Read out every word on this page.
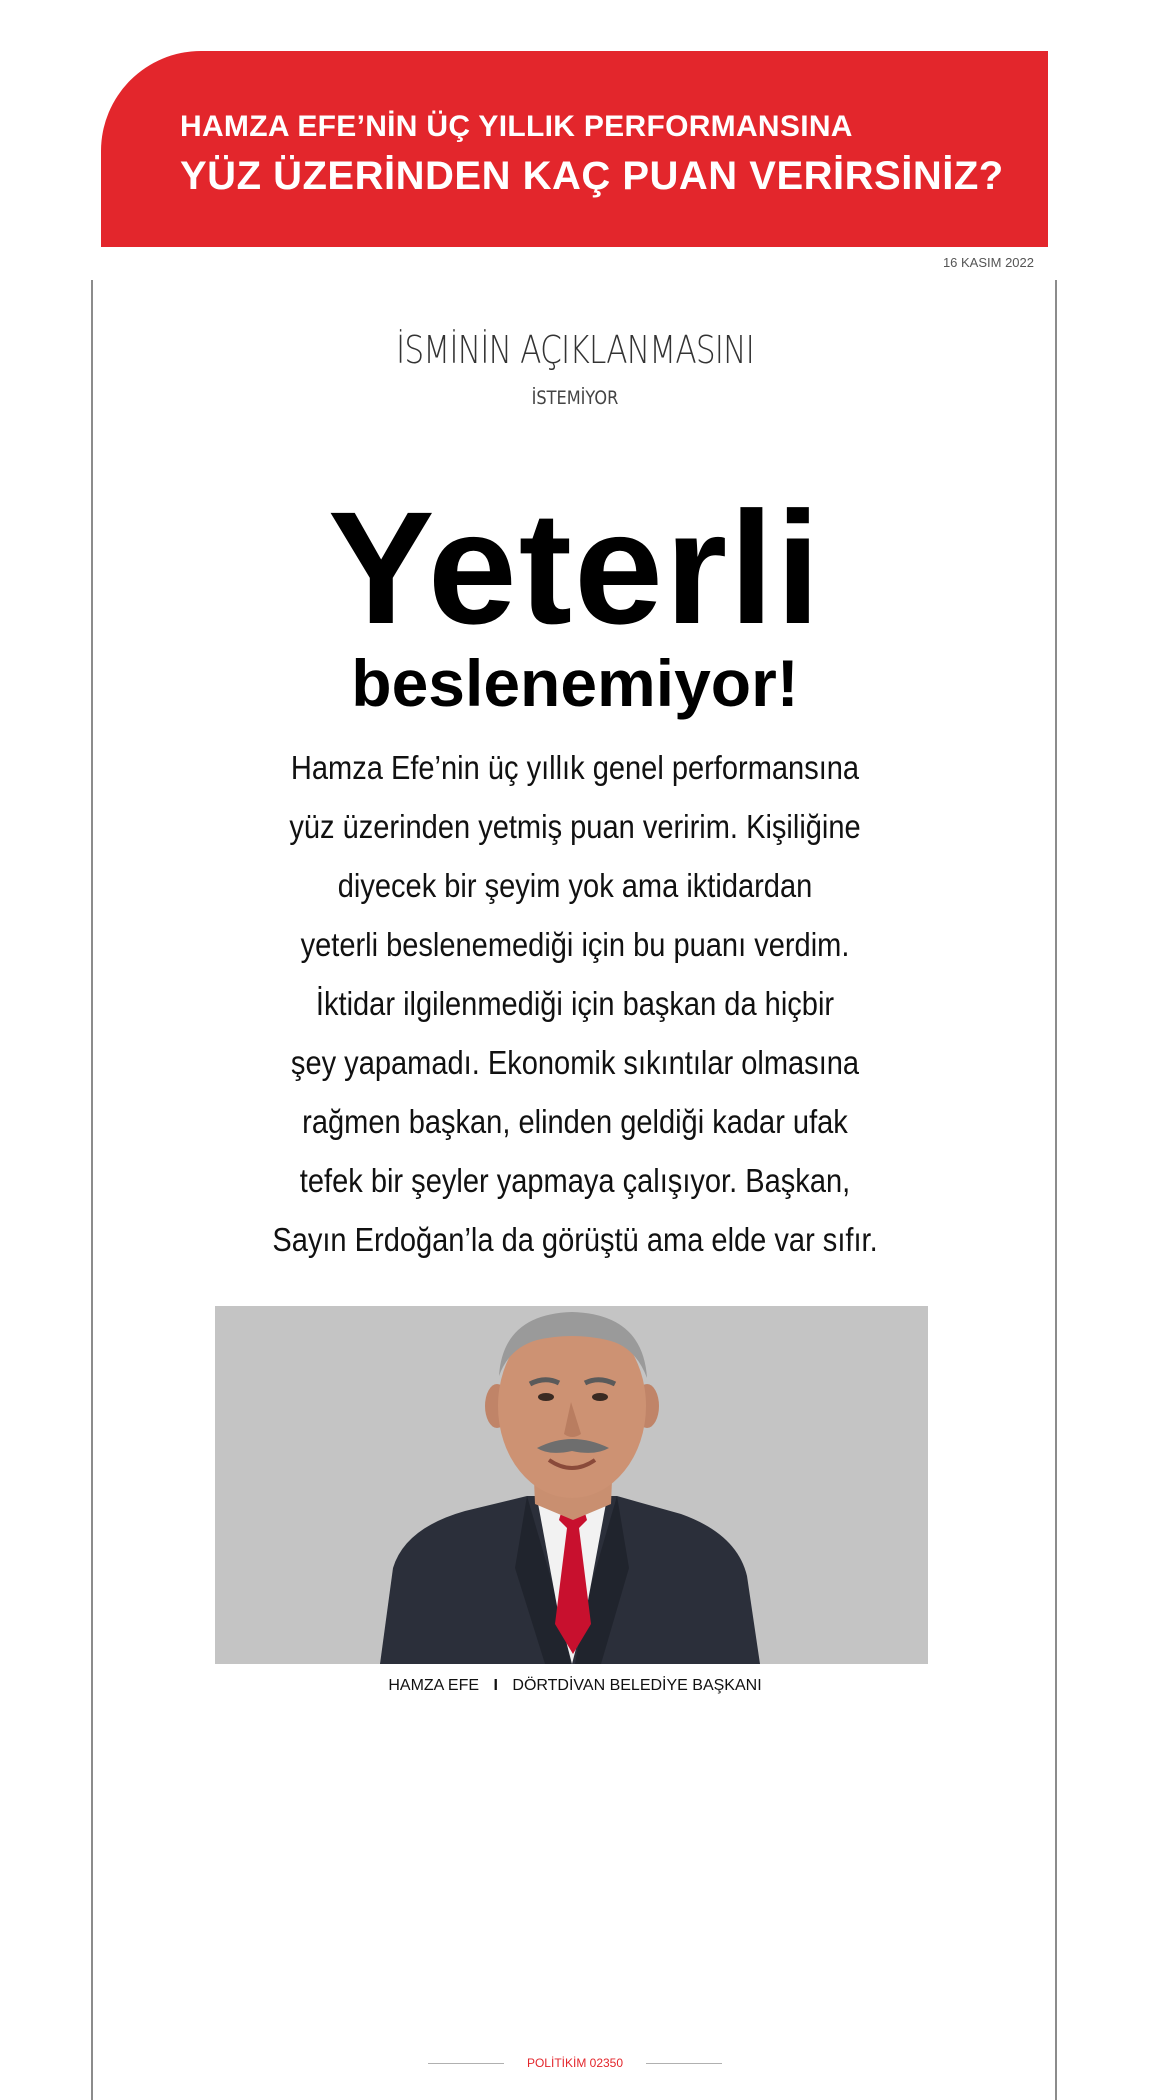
HAMZA EFE’NİN ÜÇ YILLIK PERFORMANSINA
YÜZ ÜZERİNDEN KAÇ PUAN VERİRSİNİZ?
16 KASIM 2022
İSMİNİN AÇIKLANMASINI
İSTEMİYOR
Yeterli
beslenemiyor!
Hamza Efe’nin üç yıllık genel performansına
yüz üzerinden yetmiş puan veririm. Kişiliğine
diyecek bir şeyim yok ama iktidardan
yeterli beslenemediği için bu puanı verdim.
İktidar ilgilenmediği için başkan da hiçbir
şey yapamadı. Ekonomik sıkıntılar olmasına
rağmen başkan, elinden geldiği kadar ufak
tefek bir şeyler yapmaya çalışıyor. Başkan,
Sayın Erdoğan’la da görüştü ama elde var sıfır.
HAMZA EFE I DÖRTDİVAN BELEDİYE BAŞKANI
POLİTİKİM 02350
